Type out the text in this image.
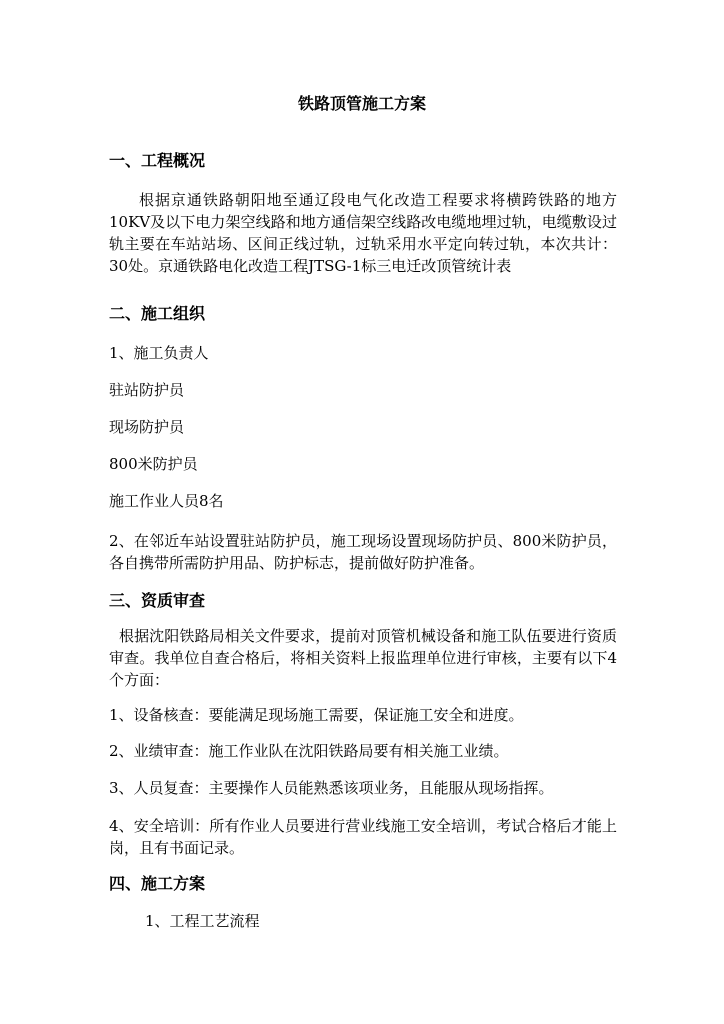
铁路顶管施工方案
一、工程概况
根据京通铁路朝阳地至通辽段电气化改造工程要求将横跨铁路的地方10KV及以下电力架空线路和地方通信架空线路改电缆地埋过轨，电缆敷设过轨主要在车站站场、区间正线过轨，过轨采用水平定向转过轨，本次共计：30处。京通铁路电化改造工程JTSG-1标三电迁改顶管统计表
二、施工组织
1、施工负责人
驻站防护员
现场防护员
800米防护员
施工作业人员8名
2、在邻近车站设置驻站防护员，施工现场设置现场防护员、800米防护员，各自携带所需防护用品、防护标志，提前做好防护准备。
三、资质审查
根据沈阳铁路局相关文件要求，提前对顶管机械设备和施工队伍要进行资质审查。我单位自查合格后，将相关资料上报监理单位进行审核，主要有以下4个方面：
1、设备核查：要能满足现场施工需要，保证施工安全和进度。
2、业绩审查：施工作业队在沈阳铁路局要有相关施工业绩。
3、人员复查：主要操作人员能熟悉该项业务，且能服从现场指挥。
4、安全培训：所有作业人员要进行营业线施工安全培训，考试合格后才能上岗，且有书面记录。
四、施工方案
1、工程工艺流程
